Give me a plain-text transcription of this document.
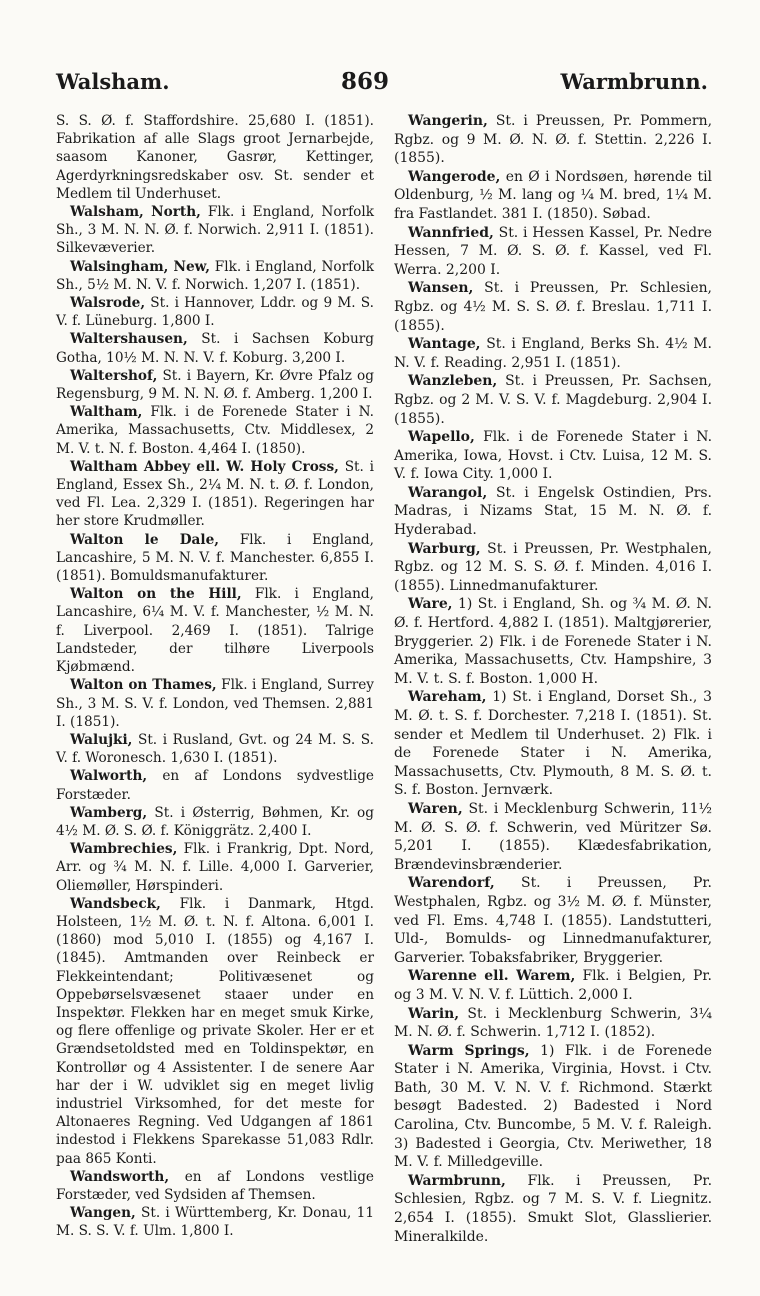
Walsham.	869	Warmbrunn.

S. S. Ø. f. Staffordshire. 25,680 I. (1851). Fabrikation af alle Slags groot Jernarbejde, saasom Kanoner, Gasrør, Kettinger, Agerdyrkningsredskaber osv. St. sender et Medlem til Underhuset.

Walsham, North, Flk. i England, Norfolk Sh., 3 M. N. N. Ø. f. Norwich. 2,911 I. (1851). Silkevæverier.

Walsingham, New, Flk. i England, Norfolk Sh., 5½ M. N. V. f. Norwich. 1,207 I. (1851).

Walsrode, St. i Hannover, Lddr. og 9 M. S. V. f. Lüneburg. 1,800 I.

Waltershausen, St. i Sachsen Koburg Gotha, 10½ M. N. N. V. f. Koburg. 3,200 I.

Waltershof, St. i Bayern, Kr. Øvre Pfalz og Regensburg, 9 M. N. N. Ø. f. Amberg. 1,200 I.

Waltham, Flk. i de Forenede Stater i N. Amerika, Massachusetts, Ctv. Middlesex, 2 M. V. t. N. f. Boston. 4,464 I. (1850).

Waltham Abbey ell. W. Holy Cross, St. i England, Essex Sh., 2¼ M. N. t. Ø. f. London, ved Fl. Lea. 2,329 I. (1851). Regeringen har her store Krudmøller.

Walton le Dale, Flk. i England, Lancashire, 5 M. N. V. f. Manchester. 6,855 I. (1851). Bomuldsmanufakturer.

Walton on the Hill, Flk. i England, Lancashire, 6¼ M. V. f. Manchester, ½ M. N. f. Liverpool. 2,469 I. (1851). Talrige Landsteder, der tilhøre Liverpools Kjøbmænd.

Walton on Thames, Flk. i England, Surrey Sh., 3 M. S. V. f. London, ved Themsen. 2,881 I. (1851).

Walujki, St. i Rusland, Gvt. og 24 M. S. S. V. f. Woronesch. 1,630 I. (1851).

Walworth, en af Londons sydvestlige Forstæder.

Wamberg, St. i Østerrig, Bøhmen, Kr. og 4½ M. Ø. S. Ø. f. Königgrätz. 2,400 I.

Wambrechies, Flk. i Frankrig, Dpt. Nord, Arr. og ¾ M. N. f. Lille. 4,000 I. Garverier, Oliemøller, Hørspinderi.

Wandsbeck, Flk. i Danmark, Htgd. Holsteen, 1½ M. Ø. t. N. f. Altona. 6,001 I. (1860) mod 5,010 I. (1855) og 4,167 I. (1845). Amtmanden over Reinbeck er Flekkeintendant; Politivæsenet og Oppebørselsvæsenet staaer under en Inspektør. Flekken har en meget smuk Kirke, og flere offenlige og private Skoler. Her er et Grændsetoldsted med en Toldinspektør, en Kontrollør og 4 Assistenter. I de senere Aar har der i W. udviklet sig en meget livlig industriel Virksomhed, for det meste for Altonaeres Regning. Ved Udgangen af 1861 indestod i Flekkens Sparekasse 51,083 Rdlr. paa 865 Konti.

Wandsworth, en af Londons vestlige Forstæder, ved Sydsiden af Themsen.

Wangen, St. i Württemberg, Kr. Donau, 11 M. S. S. V. f. Ulm. 1,800 I.

Wangerin, St. i Preussen, Pr. Pommern, Rgbz. og 9 M. Ø. N. Ø. f. Stettin. 2,226 I. (1855).

Wangerode, en Ø i Nordsøen, hørende til Oldenburg, ½ M. lang og ¼ M. bred, 1¼ M. fra Fastlandet. 381 I. (1850). Søbad.

Wannfried, St. i Hessen Kassel, Pr. Nedre Hessen, 7 M. Ø. S. Ø. f. Kassel, ved Fl. Werra. 2,200 I.

Wansen, St. i Preussen, Pr. Schlesien, Rgbz. og 4½ M. S. S. Ø. f. Breslau. 1,711 I. (1855).

Wantage, St. i England, Berks Sh. 4½ M. N. V. f. Reading. 2,951 I. (1851).

Wanzleben, St. i Preussen, Pr. Sachsen, Rgbz. og 2 M. V. S. V. f. Magdeburg. 2,904 I. (1855).

Wapello, Flk. i de Forenede Stater i N. Amerika, Iowa, Hovst. i Ctv. Luisa, 12 M. S. V. f. Iowa City. 1,000 I.

Warangol, St. i Engelsk Ostindien, Prs. Madras, i Nizams Stat, 15 M. N. Ø. f. Hyderabad.

Warburg, St. i Preussen, Pr. Westphalen, Rgbz. og 12 M. S. S. Ø. f. Minden. 4,016 I. (1855). Linnedmanufakturer.

Ware, 1) St. i England, Sh. og ¾ M. Ø. N. Ø. f. Hertford. 4,882 I. (1851). Maltgjørerier, Bryggerier. 2) Flk. i de Forenede Stater i N. Amerika, Massachusetts, Ctv. Hampshire, 3 M. V. t. S. f. Boston. 1,000 H.

Wareham, 1) St. i England, Dorset Sh., 3 M. Ø. t. S. f. Dorchester. 7,218 I. (1851). St. sender et Medlem til Underhuset. 2) Flk. i de Forenede Stater i N. Amerika, Massachusetts, Ctv. Plymouth, 8 M. S. Ø. t. S. f. Boston. Jernværk.

Waren, St. i Mecklenburg Schwerin, 11½ M. Ø. S. Ø. f. Schwerin, ved Müritzer Sø. 5,201 I. (1855). Klædesfabrikation, Brændevinsbrænderier.

Warendorf, St. i Preussen, Pr. Westphalen, Rgbz. og 3½ M. Ø. f. Münster, ved Fl. Ems. 4,748 I. (1855). Landstutteri, Uld-, Bomulds- og Linnedmanufakturer, Garverier. Tobaksfabriker, Bryggerier.

Warenne ell. Warem, Flk. i Belgien, Pr. og 3 M. V. N. V. f. Lüttich. 2,000 I.

Warin, St. i Mecklenburg Schwerin, 3¼ M. N. Ø. f. Schwerin. 1,712 I. (1852).

Warm Springs, 1) Flk. i de Forenede Stater i N. Amerika, Virginia, Hovst. i Ctv. Bath, 30 M. V. N. V. f. Richmond. Stærkt besøgt Badested. 2) Badested i Nord Carolina, Ctv. Buncombe, 5 M. V. f. Raleigh. 3) Badested i Georgia, Ctv. Meriwether, 18 M. V. f. Milledgeville.

Warmbrunn, Flk. i Preussen, Pr. Schlesien, Rgbz. og 7 M. S. V. f. Liegnitz. 2,654 I. (1855). Smukt Slot, Glasslierier. Mineralkilde.
